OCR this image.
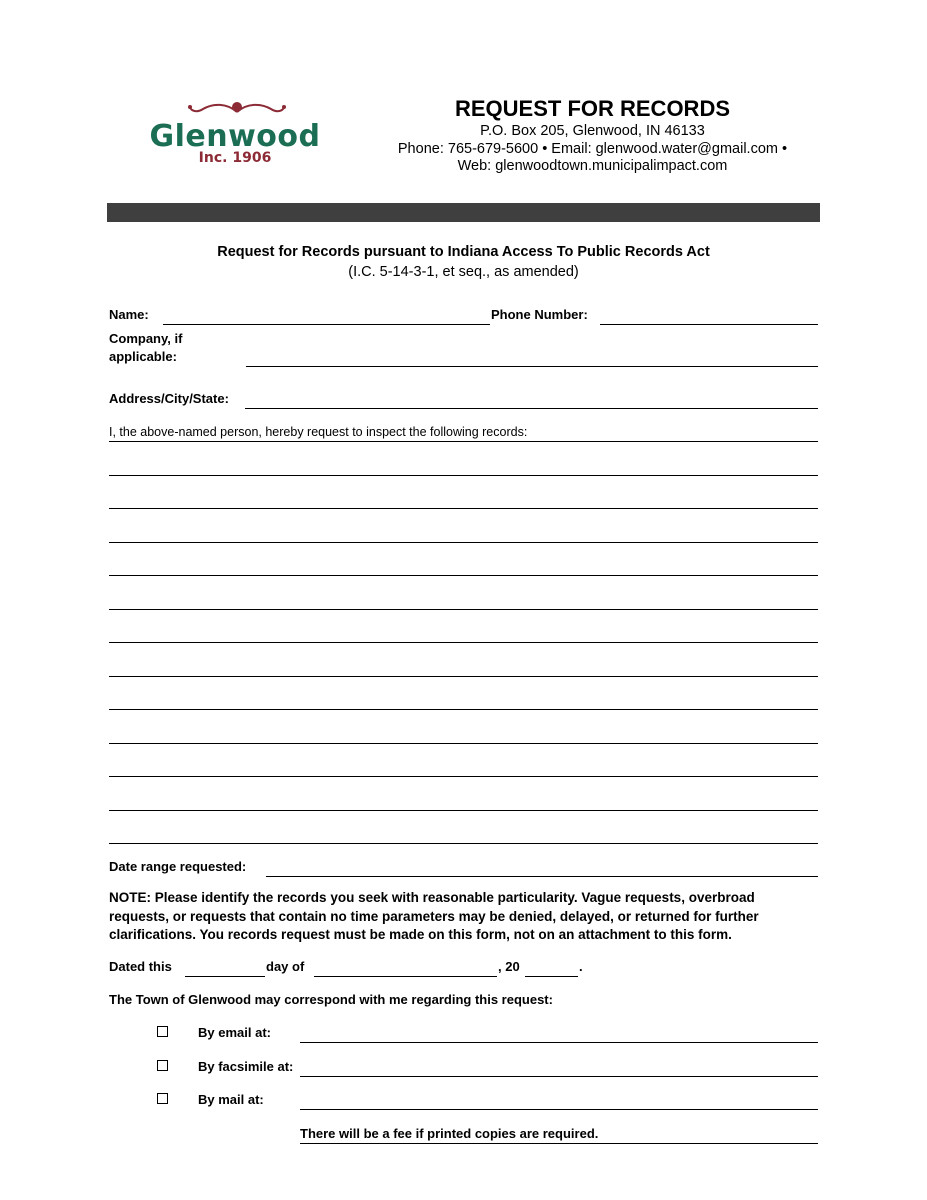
Glenwood
Inc. 1906
REQUEST FOR RECORDS
P.O. Box 205, Glenwood, IN 46133
Phone: 765-679-5600 • Email: glenwood.water@gmail.com •
Web: glenwoodtown.municipalimpact.com
Request for Records pursuant to Indiana Access To Public Records Act
(I.C. 5-14-3-1, et seq., as amended)
Name:	Phone Number:
Company, if
applicable:
Address/City/State:
I, the above-named person, hereby request to inspect the following records:
Date range requested:
NOTE: Please identify the records you seek with reasonable particularity. Vague requests, overbroad requests, or requests that contain no time parameters may be denied, delayed, or returned for further clarifications. You records request must be made on this form, not on an attachment to this form.
Dated this	day of	, 20	.
The Town of Glenwood may correspond with me regarding this request:
By email at:
By facsimile at:
By mail at:
There will be a fee if printed copies are required.
